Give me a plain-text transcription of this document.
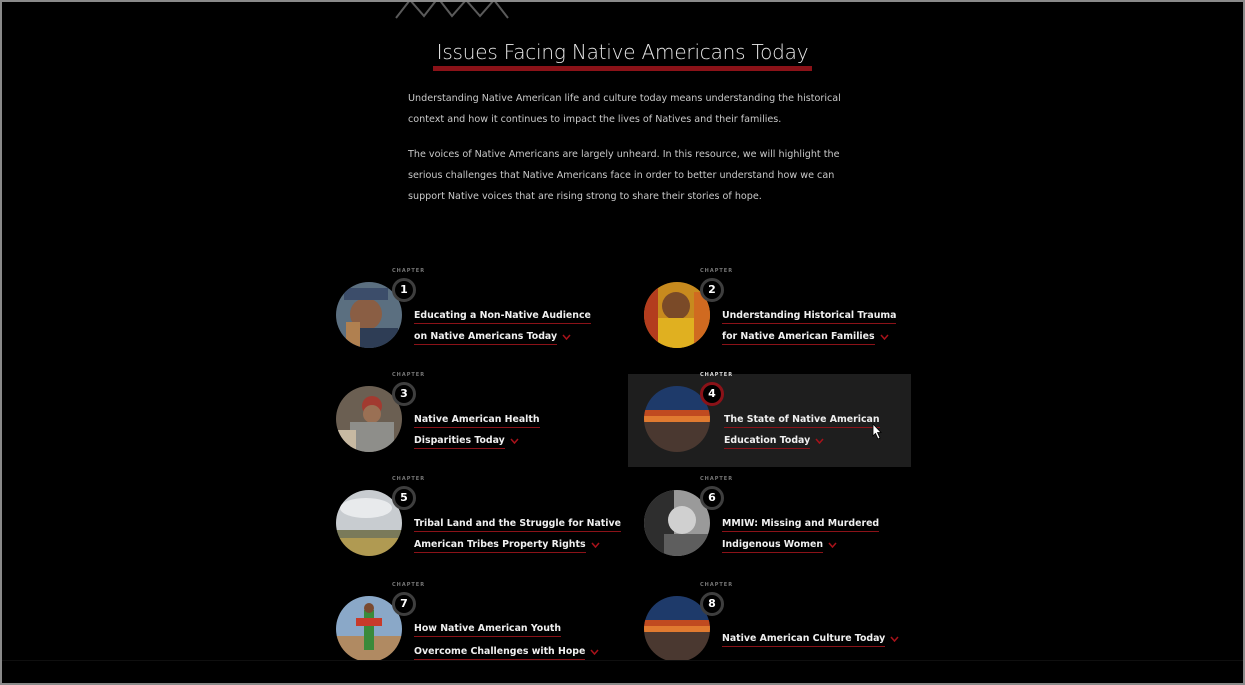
Issues Facing Native Americans Today

Understanding Native American life and culture today means understanding the historical context and how it continues to impact the lives of Natives and their families.

The voices of Native Americans are largely unheard. In this resource, we will highlight the serious challenges that Native Americans face in order to better understand how we can support Native voices that are rising strong to share their stories of hope.

CHAPTER
1
Educating a Non-Native Audience
on Native Americans Today
CHAPTER
2
Understanding Historical Trauma
for Native American Families
CHAPTER
3
Native American Health
Disparities Today
CHAPTER
4
The State of Native American
Education Today
CHAPTER
5
Tribal Land and the Struggle for Native
American Tribes Property Rights
CHAPTER
6
MMIW: Missing and Murdered
Indigenous Women
CHAPTER
7
How Native American Youth
Overcome Challenges with Hope
CHAPTER
8
Native American Culture Today
